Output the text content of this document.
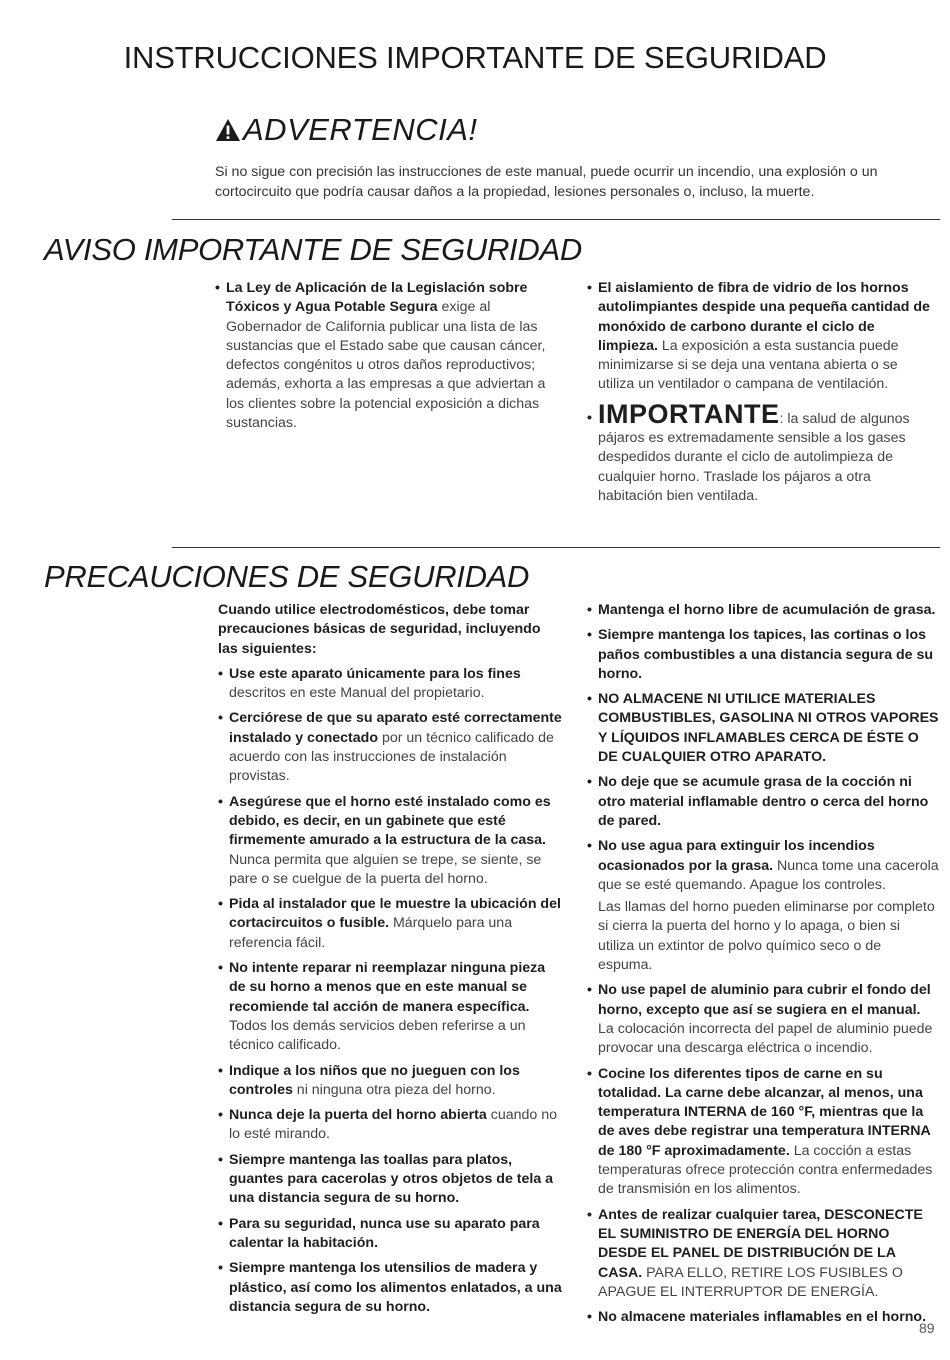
INSTRUCCIONES IMPORTANTE DE SEGURIDAD
ADVERTENCIA!
Si no sigue con precisión las instrucciones de este manual, puede ocurrir un incendio, una explosión o un cortocircuito que podría causar daños a la propiedad, lesiones personales o, incluso, la muerte.
AVISO IMPORTANTE DE SEGURIDAD
• La Ley de Aplicación de la Legislación sobre Tóxicos y Agua Potable Segura exige al Gobernador de California publicar una lista de las sustancias que el Estado sabe que causan cáncer, defectos congénitos u otros daños reproductivos; además, exhorta a las empresas a que adviertan a los clientes sobre la potencial exposición a dichas sustancias.
• El aislamiento de fibra de vidrio de los hornos autolimpiantes despide una pequeña cantidad de monóxido de carbono durante el ciclo de limpieza. La exposición a esta sustancia puede minimizarse si se deja una ventana abierta o se utiliza un ventilador o campana de ventilación.
• IMPORTANTE: la salud de algunos pájaros es extremadamente sensible a los gases despedidos durante el ciclo de autolimpieza de cualquier horno. Traslade los pájaros a otra habitación bien ventilada.
PRECAUCIONES DE SEGURIDAD
Cuando utilice electrodomésticos, debe tomar precauciones básicas de seguridad, incluyendo las siguientes:
• Use este aparato únicamente para los fines descritos en este Manual del propietario.
• Cerciórese de que su aparato esté correctamente instalado y conectado por un técnico calificado de acuerdo con las instrucciones de instalación provistas.
• Asegúrese que el horno esté instalado como es debido, es decir, en un gabinete que esté firmemente amurado a la estructura de la casa. Nunca permita que alguien se trepe, se siente, se pare o se cuelgue de la puerta del horno.
• Pida al instalador que le muestre la ubicación del cortacircuitos o fusible. Márquelo para una referencia fácil.
• No intente reparar ni reemplazar ninguna pieza de su horno a menos que en este manual se recomiende tal acción de manera específica. Todos los demás servicios deben referirse a un técnico calificado.
• Indique a los niños que no jueguen con los controles ni ninguna otra pieza del horno.
• Nunca deje la puerta del horno abierta cuando no lo esté mirando.
• Siempre mantenga las toallas para platos, guantes para cacerolas y otros objetos de tela a una distancia segura de su horno.
• Para su seguridad, nunca use su aparato para calentar la habitación.
• Siempre mantenga los utensilios de madera y plástico, así como los alimentos enlatados, a una distancia segura de su horno.
• Mantenga el horno libre de acumulación de grasa.
• Siempre mantenga los tapices, las cortinas o los paños combustibles a una distancia segura de su horno.
• NO ALMACENE NI UTILICE MATERIALES COMBUSTIBLES, GASOLINA NI OTROS VAPORES Y LÍQUIDOS INFLAMABLES CERCA DE ÉSTE O DE CUALQUIER OTRO APARATO.
• No deje que se acumule grasa de la cocción ni otro material inflamable dentro o cerca del horno de pared.
• No use agua para extinguir los incendios ocasionados por la grasa. Nunca tome una cacerola que se esté quemando. Apague los controles.
Las llamas del horno pueden eliminarse por completo si cierra la puerta del horno y lo apaga, o bien si utiliza un extintor de polvo químico seco o de espuma.
• No use papel de aluminio para cubrir el fondo del horno, excepto que así se sugiera en el manual. La colocación incorrecta del papel de aluminio puede provocar una descarga eléctrica o incendio.
• Cocine los diferentes tipos de carne en su totalidad. La carne debe alcanzar, al menos, una temperatura INTERNA de 160 °F, mientras que la de aves debe registrar una temperatura INTERNA de 180 °F aproximadamente. La cocción a estas temperaturas ofrece protección contra enfermedades de transmisión en los alimentos.
• Antes de realizar cualquier tarea, DESCONECTE EL SUMINISTRO DE ENERGÍA DEL HORNO DESDE EL PANEL DE DISTRIBUCIÓN DE LA CASA. PARA ELLO, RETIRE LOS FUSIBLES O APAGUE EL INTERRUPTOR DE ENERGÍA.
• No almacene materiales inflamables en el horno.
89
